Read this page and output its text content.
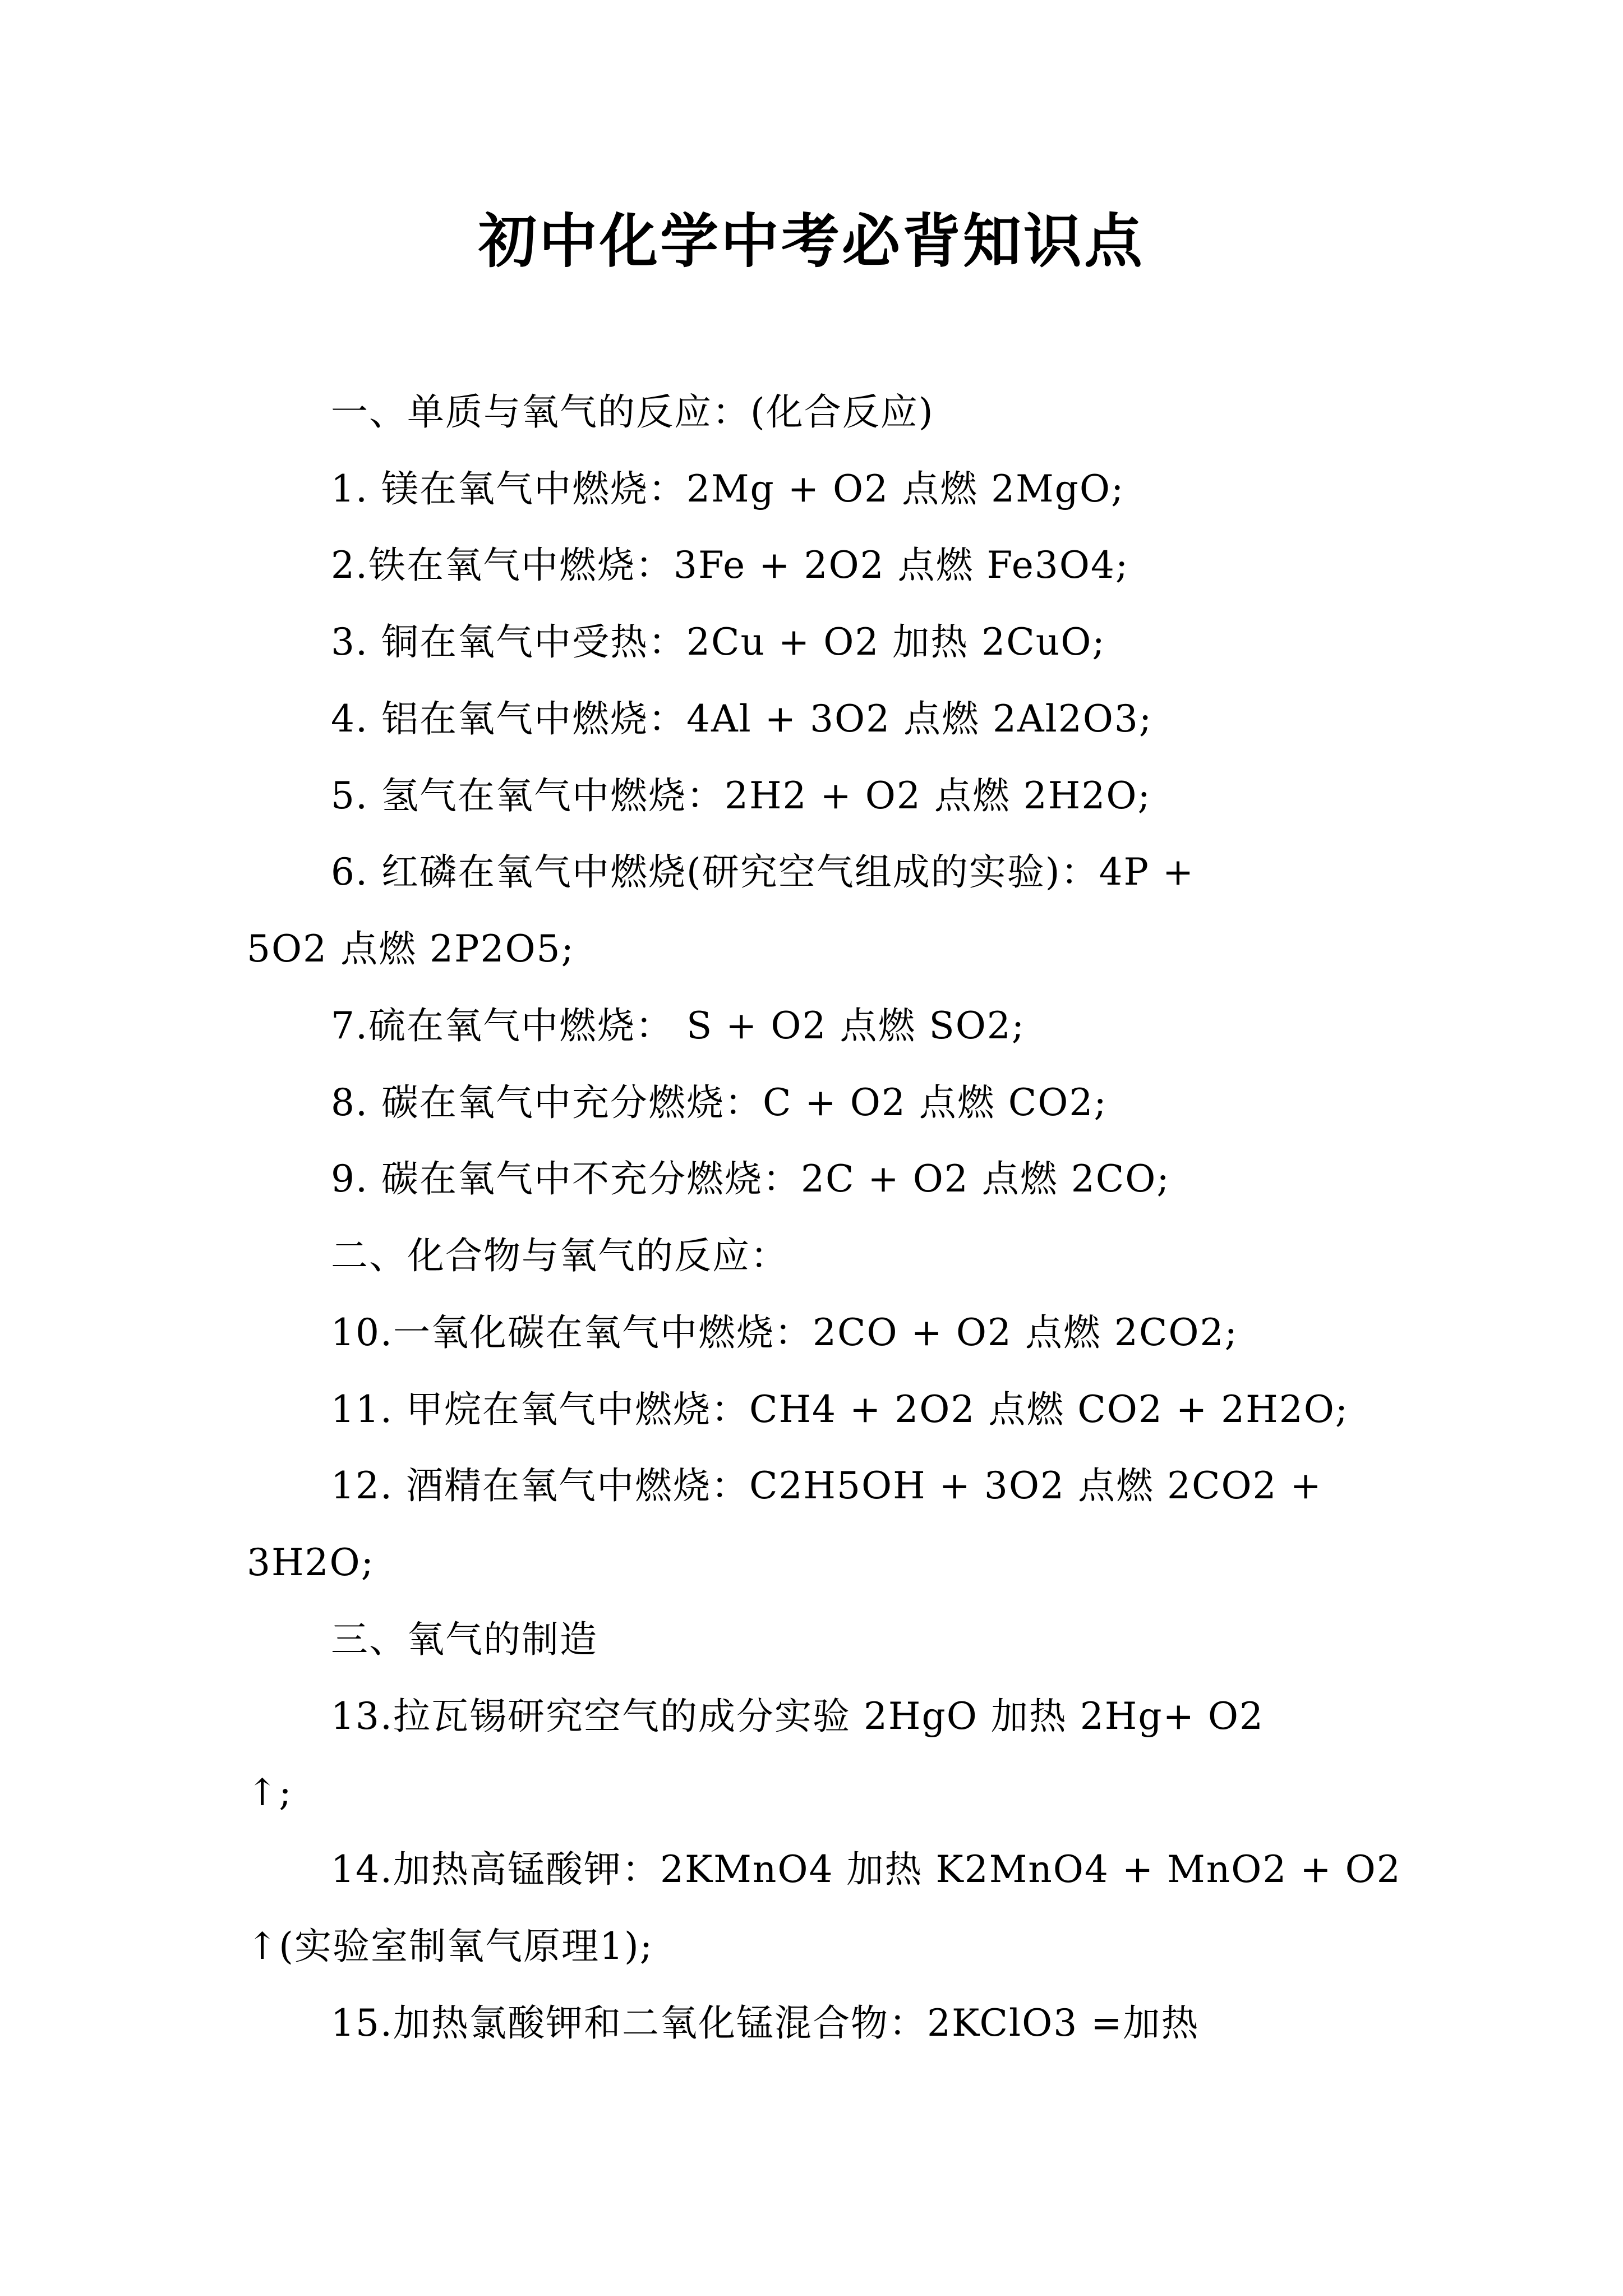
初中化学中考必背知识点
一、单质与氧气的反应：(化合反应)
1. 镁在氧气中燃烧：2Mg + O2 点燃 2MgO;
2.铁在氧气中燃烧：3Fe + 2O2 点燃 Fe3O4;
3. 铜在氧气中受热：2Cu + O2 加热 2CuO;
4. 铝在氧气中燃烧：4Al + 3O2 点燃 2Al2O3;
5. 氢气在氧气中燃烧：2H2 + O2 点燃 2H2O;
6. 红磷在氧气中燃烧(研究空气组成的实验)：4P +
5O2 点燃 2P2O5;
7.硫在氧气中燃烧： S + O2 点燃 SO2;
8. 碳在氧气中充分燃烧：C + O2 点燃 CO2;
9. 碳在氧气中不充分燃烧：2C + O2 点燃 2CO;
二、化合物与氧气的反应：
10.一氧化碳在氧气中燃烧：2CO + O2 点燃 2CO2;
11. 甲烷在氧气中燃烧：CH4 + 2O2 点燃 CO2 + 2H2O;
12. 酒精在氧气中燃烧：C2H5OH + 3O2 点燃 2CO2 +
3H2O;
三、氧气的制造
13.拉瓦锡研究空气的成分实验 2HgO 加热 2Hg+ O2
↑;
14.加热高锰酸钾：2KMnO4 加热 K2MnO4 + MnO2 + O2
↑(实验室制氧气原理1);
15.加热氯酸钾和二氧化锰混合物：2KClO3 =加热
